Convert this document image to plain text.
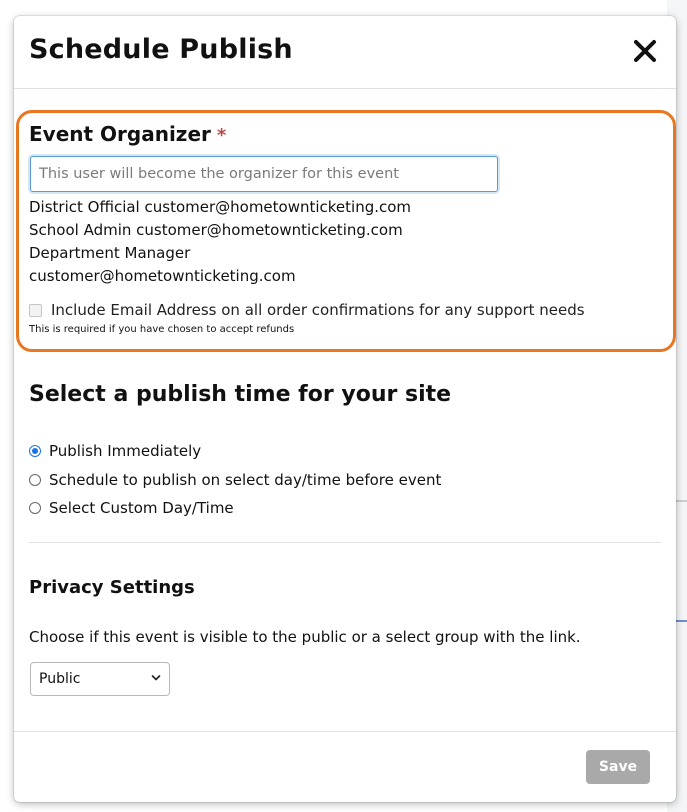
Schedule Publish
Event Organizer *
This user will become the organizer for this event
District Official customer@hometownticketing.com
School Admin customer@hometownticketing.com
Department Manager
customer@hometownticketing.com
Include Email Address on all order confirmations for any support needs
This is required if you have chosen to accept refunds
Select a publish time for your site
Publish Immediately
Schedule to publish on select day/time before event
Select Custom Day/Time
Privacy Settings
Choose if this event is visible to the public or a select group with the link.
Public
Save
